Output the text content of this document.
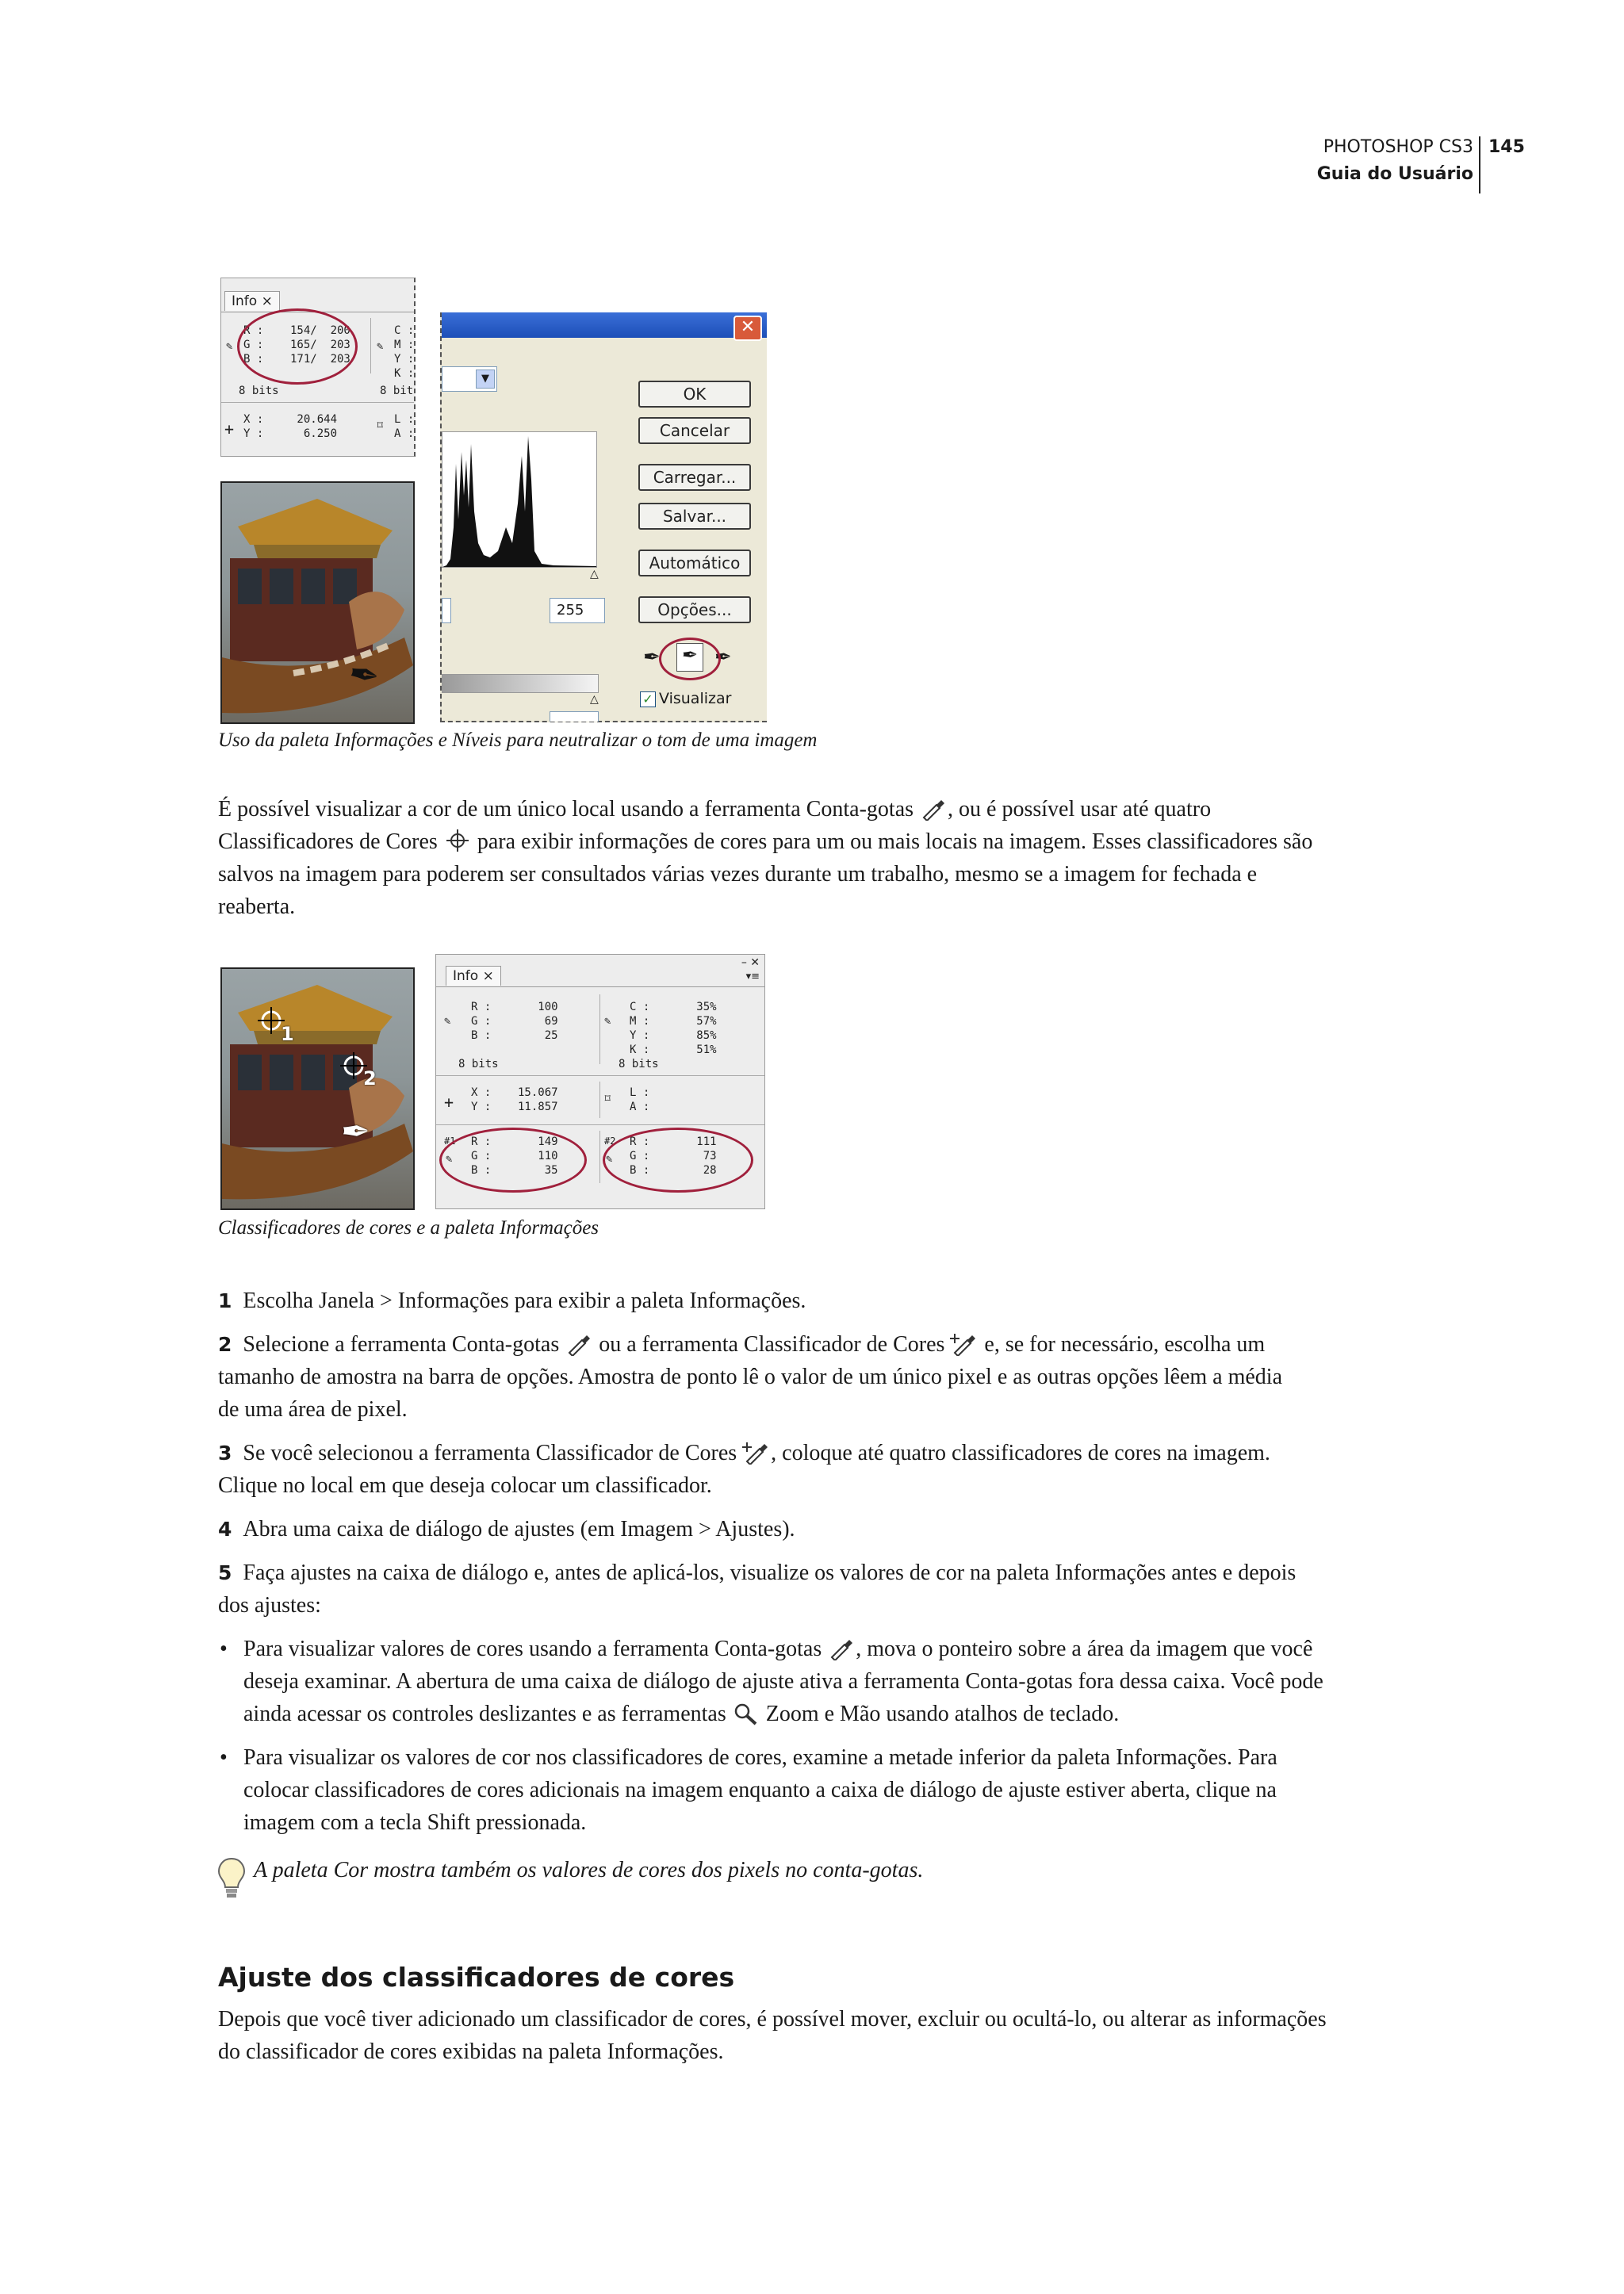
PHOTOSHOP CS3
Guia do Usuário
145
Info ×
✎
R :    154/  200
G :    165/  203
B :    171/  203
C :
M :
Y :
K :
✎
8 bits	8 bit
+ X :     20.644
Y :      6.250
⌑ L :
A :
✒
✕
▼
△
255
△
OK
Cancelar
Carregar...
Salvar...
Automático
Opções...
✒ ✒ ✒
✓ Visualizar
Uso da paleta Informações e Níveis para neutralizar o tom de uma imagem
É possível visualizar a cor de um único local usando a ferramenta Conta-gotas , ou é possível usar até quatro
Classificadores de Cores para exibir informações de cores para um ou mais locais na imagem. Esses classificadores são
salvos na imagem para poderem ser consultados várias vezes durante um trabalho, mesmo se a imagem for fechada e
reaberta.
1
2
✒
Info ×
– ✕
▾≡
✎
R :       100
G :        69
B :        25
✎
C :       35%
M :       57%
Y :       85%
K :       51%
8 bits	8 bits
+ X :    15.067
Y :    11.857
⌑ L :
A :
#1
✎
R :       149
G :       110
B :        35
#2
✎
R :       111
G :        73
B :        28
Classificadores de cores e a paleta Informações
1 Escolha Janela > Informações para exibir a paleta Informações.
2 Selecione a ferramenta Conta-gotas ou a ferramenta Classificador de Cores e, se for necessário, escolha um
tamanho de amostra na barra de opções. Amostra de ponto lê o valor de um único pixel e as outras opções lêem a média
de uma área de pixel.
3 Se você selecionou a ferramenta Classificador de Cores , coloque até quatro classificadores de cores na imagem.
Clique no local em que deseja colocar um classificador.
4 Abra uma caixa de diálogo de ajustes (em Imagem > Ajustes).
5 Faça ajustes na caixa de diálogo e, antes de aplicá-los, visualize os valores de cor na paleta Informações antes e depois
dos ajustes:
• Para visualizar valores de cores usando a ferramenta Conta-gotas , mova o ponteiro sobre a área da imagem que você
deseja examinar. A abertura de uma caixa de diálogo de ajuste ativa a ferramenta Conta-gotas fora dessa caixa. Você pode
ainda acessar os controles deslizantes e as ferramentas Zoom e Mão usando atalhos de teclado.
• Para visualizar os valores de cor nos classificadores de cores, examine a metade inferior da paleta Informações. Para
colocar classificadores de cores adicionais na imagem enquanto a caixa de diálogo de ajuste estiver aberta, clique na
imagem com a tecla Shift pressionada.
A paleta Cor mostra também os valores de cores dos pixels no conta-gotas.
Ajuste dos classificadores de cores
Depois que você tiver adicionado um classificador de cores, é possível mover, excluir ou ocultá-lo, ou alterar as informações
do classificador de cores exibidas na paleta Informações.
